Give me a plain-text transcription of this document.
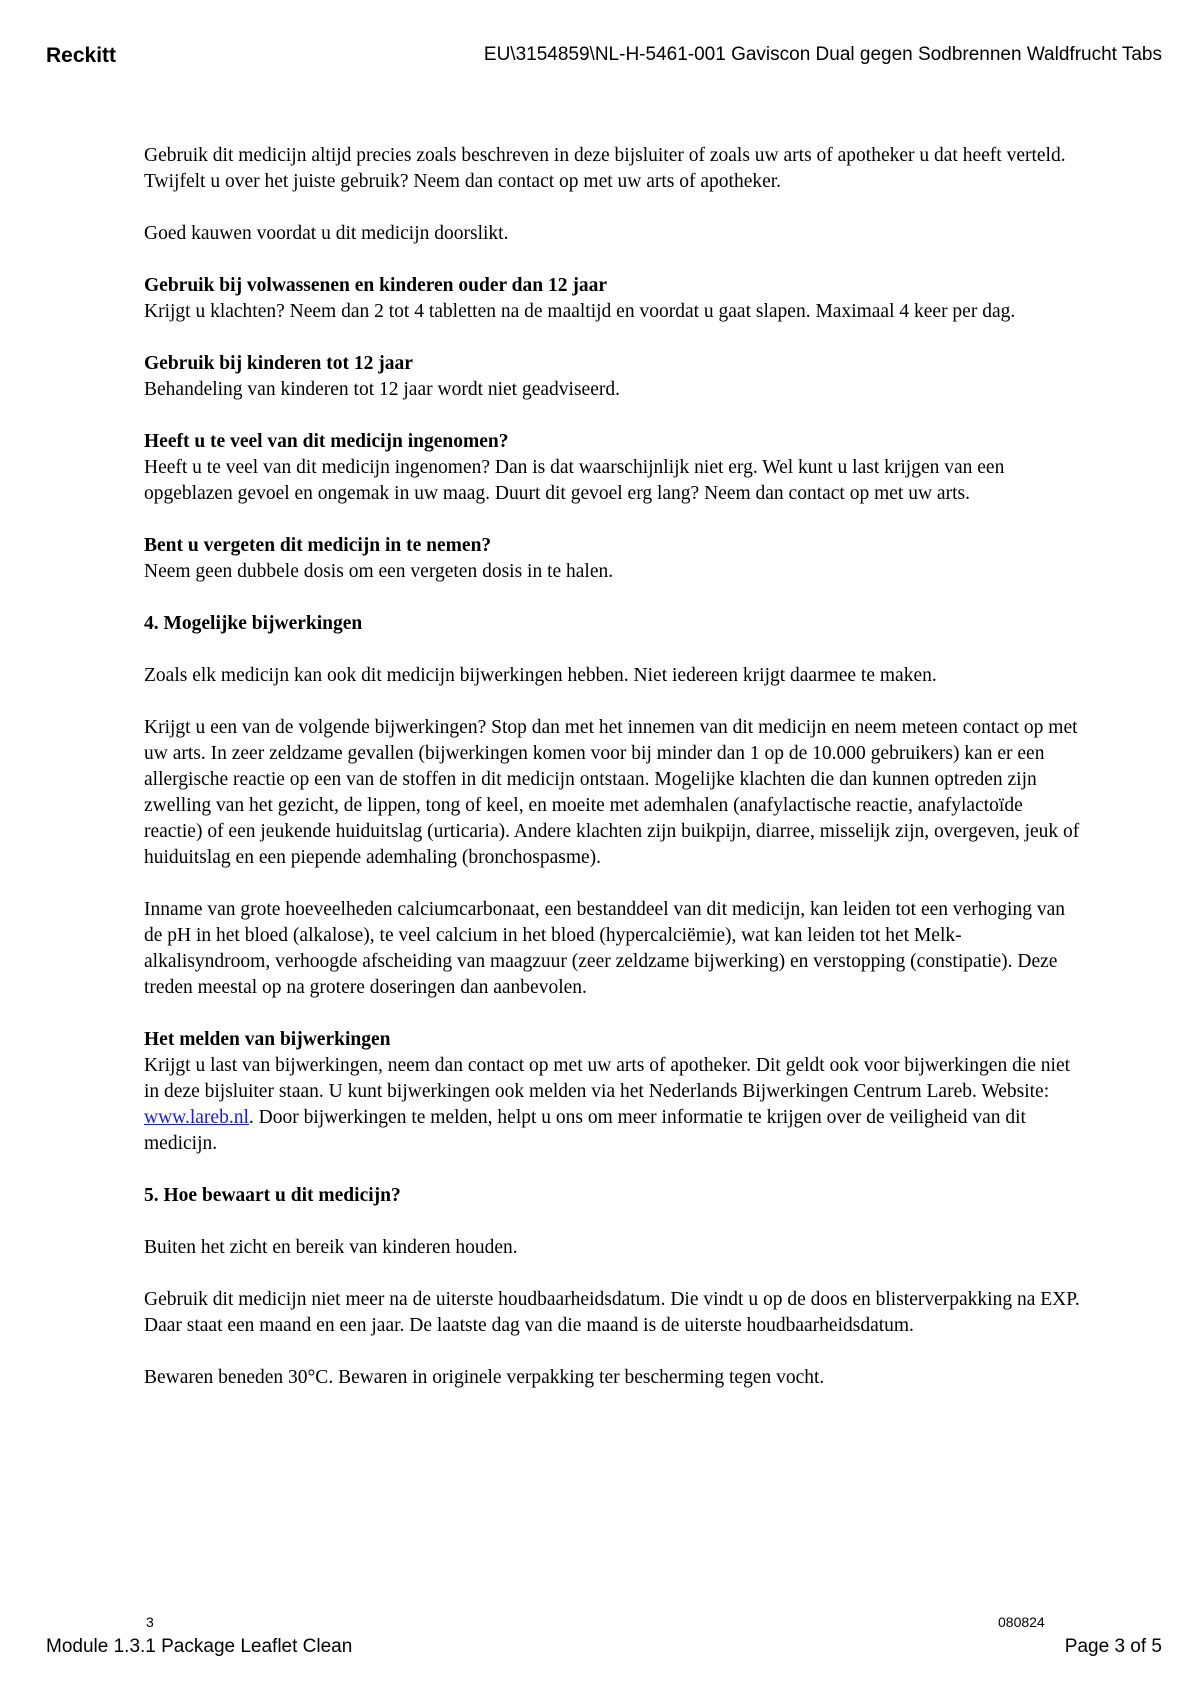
Reckitt	EU\3154859\NL-H-5461-001 Gaviscon Dual gegen Sodbrennen Waldfrucht Tabs

Gebruik dit medicijn altijd precies zoals beschreven in deze bijsluiter of zoals uw arts of apotheker u dat heeft verteld. Twijfelt u over het juiste gebruik? Neem dan contact op met uw arts of apotheker.

Goed kauwen voordat u dit medicijn doorslikt.

Gebruik bij volwassenen en kinderen ouder dan 12 jaar
Krijgt u klachten? Neem dan 2 tot 4 tabletten na de maaltijd en voordat u gaat slapen. Maximaal 4 keer per dag.

Gebruik bij kinderen tot 12 jaar
Behandeling van kinderen tot 12 jaar wordt niet geadviseerd.

Heeft u te veel van dit medicijn ingenomen?
Heeft u te veel van dit medicijn ingenomen? Dan is dat waarschijnlijk niet erg. Wel kunt u last krijgen van een opgeblazen gevoel en ongemak in uw maag. Duurt dit gevoel erg lang? Neem dan contact op met uw arts.

Bent u vergeten dit medicijn in te nemen?
Neem geen dubbele dosis om een vergeten dosis in te halen.

4. Mogelijke bijwerkingen

Zoals elk medicijn kan ook dit medicijn bijwerkingen hebben. Niet iedereen krijgt daarmee te maken.

Krijgt u een van de volgende bijwerkingen? Stop dan met het innemen van dit medicijn en neem meteen contact op met uw arts. In zeer zeldzame gevallen (bijwerkingen komen voor bij minder dan 1 op de 10.000 gebruikers) kan er een allergische reactie op een van de stoffen in dit medicijn ontstaan. Mogelijke klachten die dan kunnen optreden zijn zwelling van het gezicht, de lippen, tong of keel, en moeite met ademhalen (anafylactische reactie, anafylactoïde reactie) of een jeukende huiduitslag (urticaria). Andere klachten zijn buikpijn, diarree, misselijk zijn, overgeven, jeuk of huiduitslag en een piepende ademhaling (bronchospasme).

Inname van grote hoeveelheden calciumcarbonaat, een bestanddeel van dit medicijn, kan leiden tot een verhoging van de pH in het bloed (alkalose), te veel calcium in het bloed (hypercalciëmie), wat kan leiden tot het Melk-alkalisyndroom, verhoogde afscheiding van maagzuur (zeer zeldzame bijwerking) en verstopping (constipatie). Deze treden meestal op na grotere doseringen dan aanbevolen.

Het melden van bijwerkingen
Krijgt u last van bijwerkingen, neem dan contact op met uw arts of apotheker. Dit geldt ook voor bijwerkingen die niet in deze bijsluiter staan. U kunt bijwerkingen ook melden via het Nederlands Bijwerkingen Centrum Lareb. Website: www.lareb.nl. Door bijwerkingen te melden, helpt u ons om meer informatie te krijgen over de veiligheid van dit medicijn.

5. Hoe bewaart u dit medicijn?

Buiten het zicht en bereik van kinderen houden.

Gebruik dit medicijn niet meer na de uiterste houdbaarheidsdatum. Die vindt u op de doos en blisterverpakking na EXP. Daar staat een maand en een jaar. De laatste dag van die maand is de uiterste houdbaarheidsdatum.

Bewaren beneden 30°C. Bewaren in originele verpakking ter bescherming tegen vocht.

3	080824
Module 1.3.1 Package Leaflet Clean	Page 3 of 5
